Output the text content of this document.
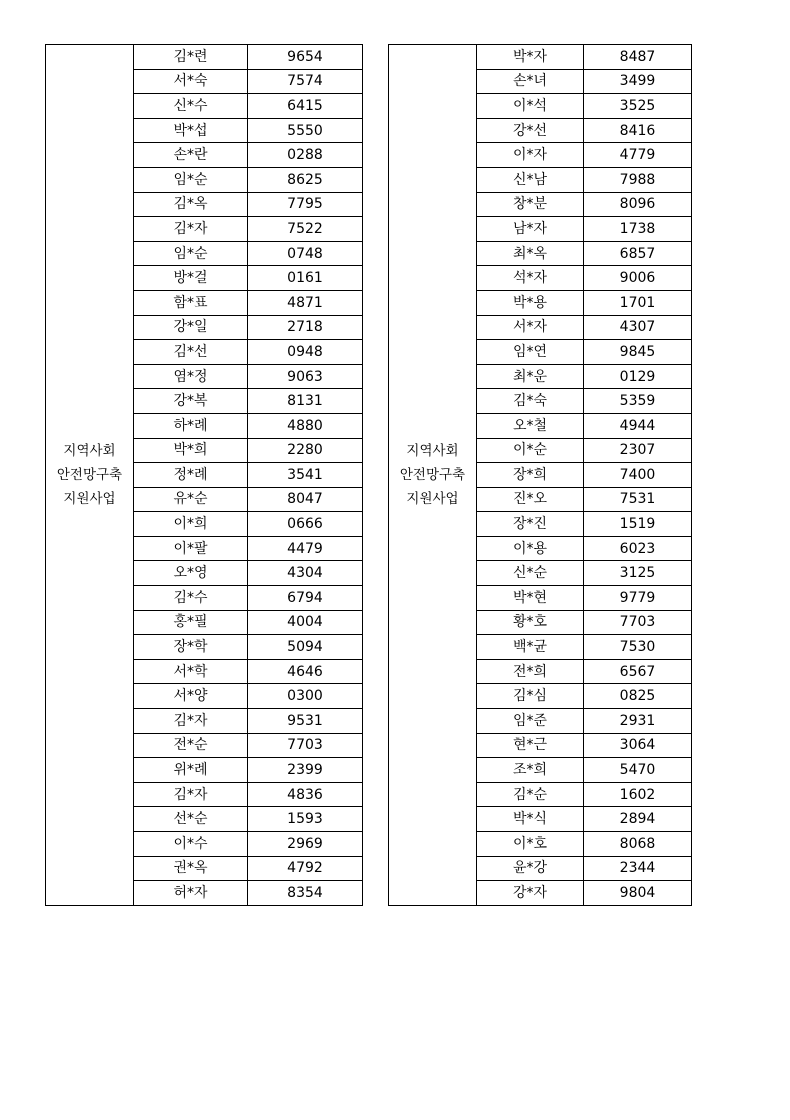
지역사회
안전망구축
지원사업	김*련	9654
	서*숙	7574
	신*수	6415
	박*섭	5550
	손*란	0288
	임*순	8625
	김*옥	7795
	김*자	7522
	임*순	0748
	방*걸	0161
	함*표	4871
	강*일	2718
	김*선	0948
	염*정	9063
	강*복	8131
	하*례	4880
	박*희	2280
	정*례	3541
	유*순	8047
	이*희	0666
	이*팔	4479
	오*영	4304
	김*수	6794
	홍*필	4004
	장*학	5094
	서*학	4646
	서*양	0300
	김*자	9531
	전*순	7703
	위*례	2399
	김*자	4836
	선*순	1593
	이*수	2969
	권*옥	4792
	허*자	8354
지역사회
안전망구축
지원사업	박*자	8487
	손*녀	3499
	이*석	3525
	강*선	8416
	이*자	4779
	신*남	7988
	창*분	8096
	남*자	1738
	최*옥	6857
	석*자	9006
	박*용	1701
	서*자	4307
	임*연	9845
	최*운	0129
	김*숙	5359
	오*철	4944
	이*순	2307
	장*희	7400
	진*오	7531
	장*진	1519
	이*용	6023
	신*순	3125
	박*현	9779
	황*호	7703
	백*균	7530
	전*희	6567
	김*심	0825
	임*준	2931
	현*근	3064
	조*희	5470
	김*순	1602
	박*식	2894
	이*호	8068
	윤*강	2344
	강*자	9804
